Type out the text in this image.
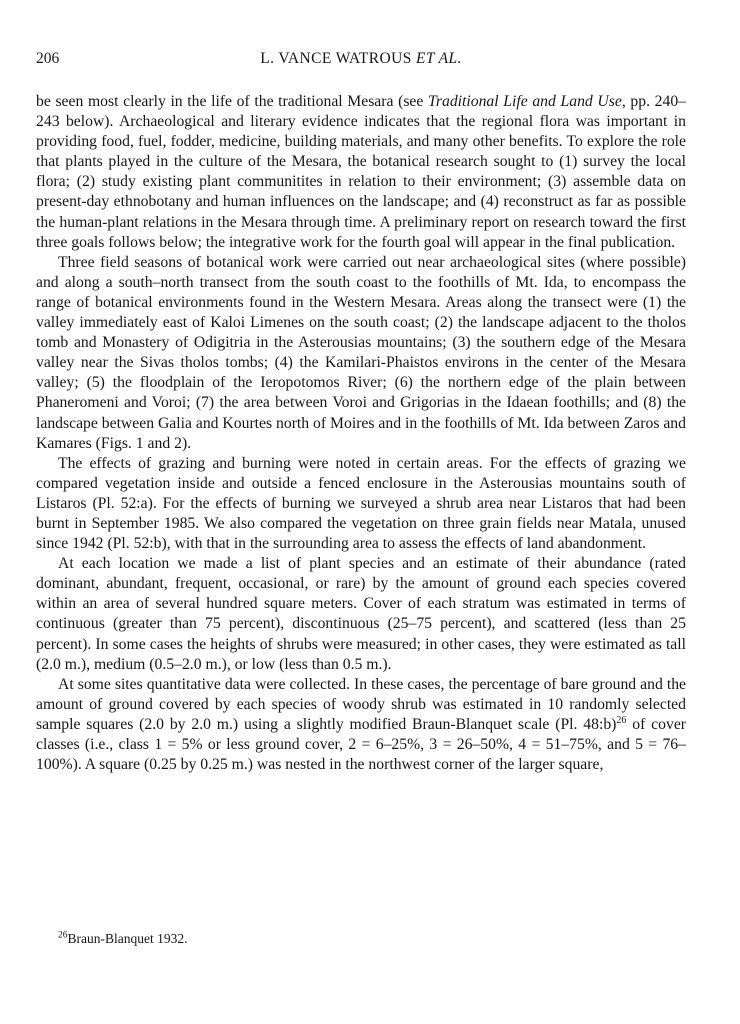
206	L. VANCE WATROUS ET AL.

be seen most clearly in the life of the traditional Mesara (see Traditional Life and Land Use, pp. 240–243 below). Archaeological and literary evidence indicates that the regional flora was important in providing food, fuel, fodder, medicine, building materials, and many other benefits. To explore the role that plants played in the culture of the Mesara, the botanical research sought to (1) survey the local flora; (2) study existing plant communitites in relation to their environment; (3) assemble data on present-day ethnobotany and human influences on the landscape; and (4) reconstruct as far as possible the human-plant relations in the Mesara through time. A preliminary report on research toward the first three goals follows below; the integrative work for the fourth goal will appear in the final publication.

Three field seasons of botanical work were carried out near archaeological sites (where possible) and along a south–north transect from the south coast to the foothills of Mt. Ida, to encompass the range of botanical environments found in the Western Mesara. Areas along the transect were (1) the valley immediately east of Kaloi Limenes on the south coast; (2) the landscape adjacent to the tholos tomb and Monastery of Odigitria in the Asterousias mountains; (3) the southern edge of the Mesara valley near the Sivas tholos tombs; (4) the Kamilari-Phaistos environs in the center of the Mesara valley; (5) the floodplain of the Ieropotomos River; (6) the northern edge of the plain between Phaneromeni and Voroi; (7) the area between Voroi and Grigorias in the Idaean foothills; and (8) the landscape between Galia and Kourtes north of Moires and in the foothills of Mt. Ida between Zaros and Kamares (Figs. 1 and 2).

The effects of grazing and burning were noted in certain areas. For the effects of grazing we compared vegetation inside and outside a fenced enclosure in the Asterousias mountains south of Listaros (Pl. 52:a). For the effects of burning we surveyed a shrub area near Listaros that had been burnt in September 1985. We also compared the vegetation on three grain fields near Matala, unused since 1942 (Pl. 52:b), with that in the surrounding area to assess the effects of land abandonment.

At each location we made a list of plant species and an estimate of their abundance (rated dominant, abundant, frequent, occasional, or rare) by the amount of ground each species covered within an area of several hundred square meters. Cover of each stratum was estimated in terms of continuous (greater than 75 percent), discontinuous (25–75 percent), and scattered (less than 25 percent). In some cases the heights of shrubs were measured; in other cases, they were estimated as tall (2.0 m.), medium (0.5–2.0 m.), or low (less than 0.5 m.).

At some sites quantitative data were collected. In these cases, the percentage of bare ground and the amount of ground covered by each species of woody shrub was estimated in 10 randomly selected sample squares (2.0 by 2.0 m.) using a slightly modified Braun-Blanquet scale (Pl. 48:b)$^{26}$ of cover classes (i.e., class 1 = 5% or less ground cover, 2 = 6–25%, 3 = 26–50%, 4 = 51–75%, and 5 = 76–100%). A square (0.25 by 0.25 m.) was nested in the northwest corner of the larger square,

$^{26}$Braun-Blanquet 1932.
